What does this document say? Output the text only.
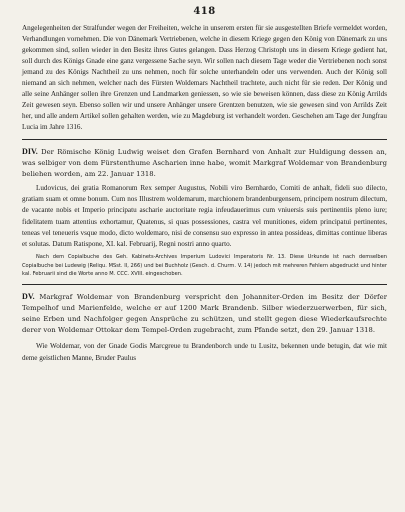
418

Angelegenheiten der Stralfunder wegen der Freiheiten, welche in unserem ersten für sie ausgestellten Briefe vermeldet worden, Verhandlungen vornehmen. Die von Dänemark Vertriebenen, welche in diesem Kriege gegen den König von Dänemark zu uns gekommen sind, sollen wieder in den Besitz ihres Gutes gelangen. Dass Herzog Christoph uns in diesem Kriege gedient hat, soll durch des Königs Gnade eine ganz vergessene Sache seyn. Wir sollen nach diesem Tage weder die Vertriebenen noch sonst jemand zu des Königs Nachtheil zu uns nehmen, noch für solche unterhandeln oder uns verwenden. Auch der König soll niemand an sich nehmen, welcher nach des Fürsten Woldemars Nachtheil trachtete, auch nicht für sie reden. Der König und alle seine Anhänger sollen ihre Grenzen und Landmarken geniessen, so wie sie beweisen können, dass diese zu König Arrilds Zeit gewesen seyn. Ebenso sollen wir und unsere Anhänger unsere Grentzen benutzen, wie sie gewesen sind von Arrilds Zeit her, und alle andern Artikel sollen gehalten werden, wie zu Magdeburg ist verhandelt worden. Geschehen am Tage der Jungfrau Lucia im Jahre 1316.

DIV. Der Römische König Ludwig weiset den Grafen Bernhard von Anhalt zur Huldigung dessen an, was selbiger von dem Fürstenthume Ascharien inne habe, womit Markgraf Woldemar von Brandenburg beliehen worden, am 22. Januar 1318.

Ludovicus, dei gratia Romanorum Rex semper Augustus, Nobili viro Bernhardo, Comiti de anhalt, fideli suo dilecto, gratiam suam et omne bonum. Cum nos Illustrem woldemarum, marchionem brandenburgensem, principem nostrum dilectum, de vacante nobis et Imperio principatu ascharie auctoritate regia infeudauerimus cum vniuersis suis pertinentiis pleno iure; fidelitatem tuam attentius exhortamur, Quatenus, si quas possessiones, castra vel munitiones, eidem principatui pertinentes, teneas vel teneueris vsque modo, dicto woldemaro, nisi de consensu suo expresso in antea possideas, dimittas continue liberas et solutas. Datum Ratispone, XI. kal. Februarij, Regni nostri anno quarto.

Nach dem Copialbuche des Geh. Kabinets-Archives Imperium Ludovici Imperatoris Nr. 13. Diese Urkunde ist nach demselben Copialbuche bei Ludewig (Reliqu. MSst. II, 266) und bei Buchholz (Gesch. d. Churm. V. 14) jedoch mit mehreren Fehlern abgedruckt und hinter kal. Februarii sind die Worte anno M. CCC. XVIII. eingeschoben.

DV. Markgraf Woldemar von Brandenburg verspricht den Johanniter-Orden im Besitz der Dörfer Tempelhof und Marienfelde, welche er auf 1200 Mark Brandenb. Silber wiederzuerwerben, für sich, seine Erben und Nachfolger gegen Ansprüche zu schützen, und stellt gegen diese Wiederkaufsrechte derer von Woldemar Ottokar dem Tempel-Orden zugebracht, zum Pfande setzt, den 29. Januar 1318.

Wie Woldemar, von der Gnade Godis Marcgreue tu Brandenborch unde tu Lusitz, bekennen unde betugin, dat wie mit deme geistlichen Manne, Bruder Paulus
